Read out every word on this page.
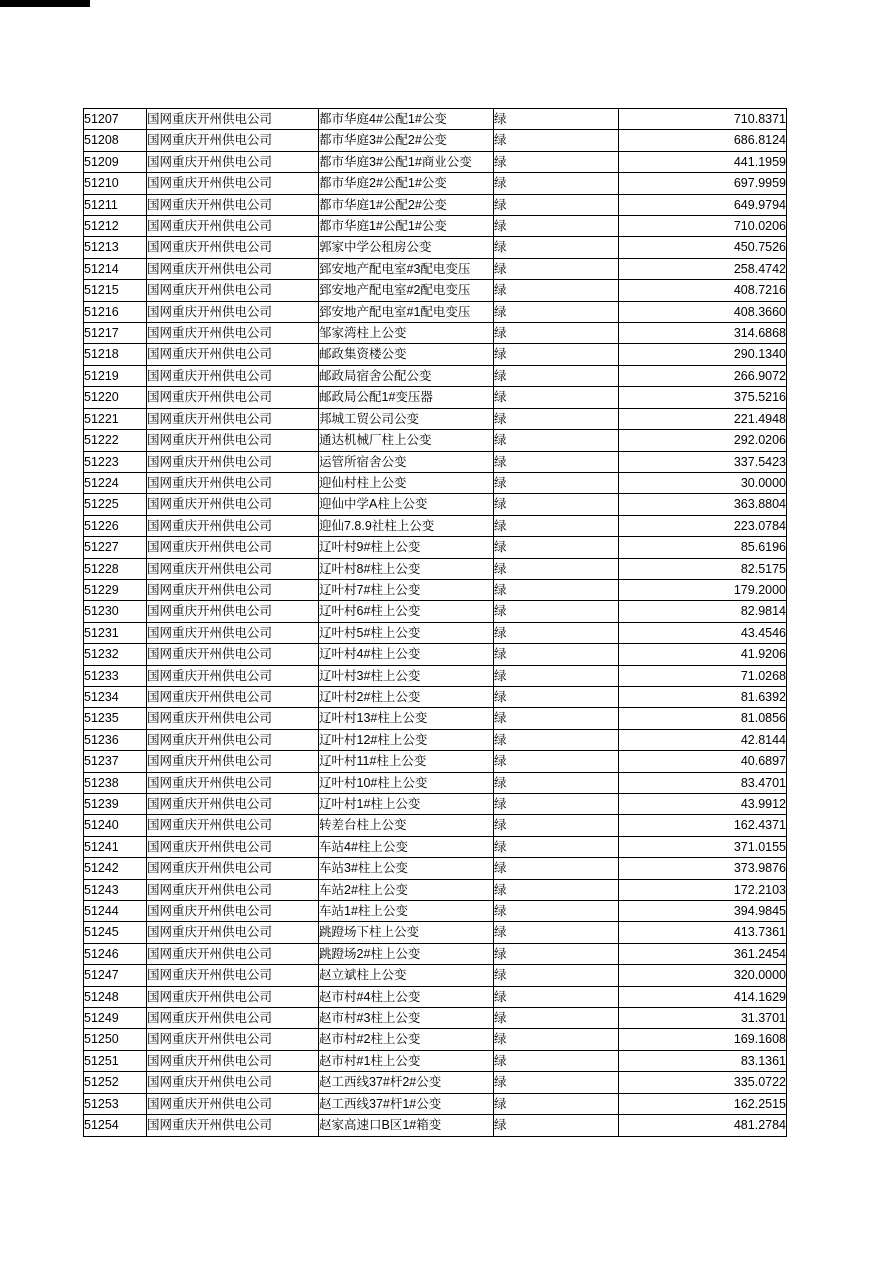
51207	国网重庆开州供电公司	都市华庭4#公配1#公变	绿	710.8371
51208	国网重庆开州供电公司	都市华庭3#公配2#公变	绿	686.8124
51209	国网重庆开州供电公司	都市华庭3#公配1#商业公变	绿	441.1959
51210	国网重庆开州供电公司	都市华庭2#公配1#公变	绿	697.9959
51211	国网重庆开州供电公司	都市华庭1#公配2#公变	绿	649.9794
51212	国网重庆开州供电公司	都市华庭1#公配1#公变	绿	710.0206
51213	国网重庆开州供电公司	郭家中学公租房公变	绿	450.7526
51214	国网重庆开州供电公司	郅安地产配电室#3配电变压	绿	258.4742
51215	国网重庆开州供电公司	郅安地产配电室#2配电变压	绿	408.7216
51216	国网重庆开州供电公司	郅安地产配电室#1配电变压	绿	408.3660
51217	国网重庆开州供电公司	邹家湾柱上公变	绿	314.6868
51218	国网重庆开州供电公司	邮政集资楼公变	绿	290.1340
51219	国网重庆开州供电公司	邮政局宿舍公配公变	绿	266.9072
51220	国网重庆开州供电公司	邮政局公配1#变压器	绿	375.5216
51221	国网重庆开州供电公司	邦城工贸公司公变	绿	221.4948
51222	国网重庆开州供电公司	通达机械厂柱上公变	绿	292.0206
51223	国网重庆开州供电公司	运管所宿舍公变	绿	337.5423
51224	国网重庆开州供电公司	迎仙村柱上公变	绿	30.0000
51225	国网重庆开州供电公司	迎仙中学A柱上公变	绿	363.8804
51226	国网重庆开州供电公司	迎仙7.8.9社柱上公变	绿	223.0784
51227	国网重庆开州供电公司	辽叶村9#柱上公变	绿	85.6196
51228	国网重庆开州供电公司	辽叶村8#柱上公变	绿	82.5175
51229	国网重庆开州供电公司	辽叶村7#柱上公变	绿	179.2000
51230	国网重庆开州供电公司	辽叶村6#柱上公变	绿	82.9814
51231	国网重庆开州供电公司	辽叶村5#柱上公变	绿	43.4546
51232	国网重庆开州供电公司	辽叶村4#柱上公变	绿	41.9206
51233	国网重庆开州供电公司	辽叶村3#柱上公变	绿	71.0268
51234	国网重庆开州供电公司	辽叶村2#柱上公变	绿	81.6392
51235	国网重庆开州供电公司	辽叶村13#柱上公变	绿	81.0856
51236	国网重庆开州供电公司	辽叶村12#柱上公变	绿	42.8144
51237	国网重庆开州供电公司	辽叶村11#柱上公变	绿	40.6897
51238	国网重庆开州供电公司	辽叶村10#柱上公变	绿	83.4701
51239	国网重庆开州供电公司	辽叶村1#柱上公变	绿	43.9912
51240	国网重庆开州供电公司	转差台柱上公变	绿	162.4371
51241	国网重庆开州供电公司	车站4#柱上公变	绿	371.0155
51242	国网重庆开州供电公司	车站3#柱上公变	绿	373.9876
51243	国网重庆开州供电公司	车站2#柱上公变	绿	172.2103
51244	国网重庆开州供电公司	车站1#柱上公变	绿	394.9845
51245	国网重庆开州供电公司	跳蹬场下柱上公变	绿	413.7361
51246	国网重庆开州供电公司	跳蹬场2#柱上公变	绿	361.2454
51247	国网重庆开州供电公司	赵立斌柱上公变	绿	320.0000
51248	国网重庆开州供电公司	赵市村#4柱上公变	绿	414.1629
51249	国网重庆开州供电公司	赵市村#3柱上公变	绿	31.3701
51250	国网重庆开州供电公司	赵市村#2柱上公变	绿	169.1608
51251	国网重庆开州供电公司	赵市村#1柱上公变	绿	83.1361
51252	国网重庆开州供电公司	赵工西线37#杆2#公变	绿	335.0722
51253	国网重庆开州供电公司	赵工西线37#杆1#公变	绿	162.2515
51254	国网重庆开州供电公司	赵家高速口B区1#箱变	绿	481.2784
